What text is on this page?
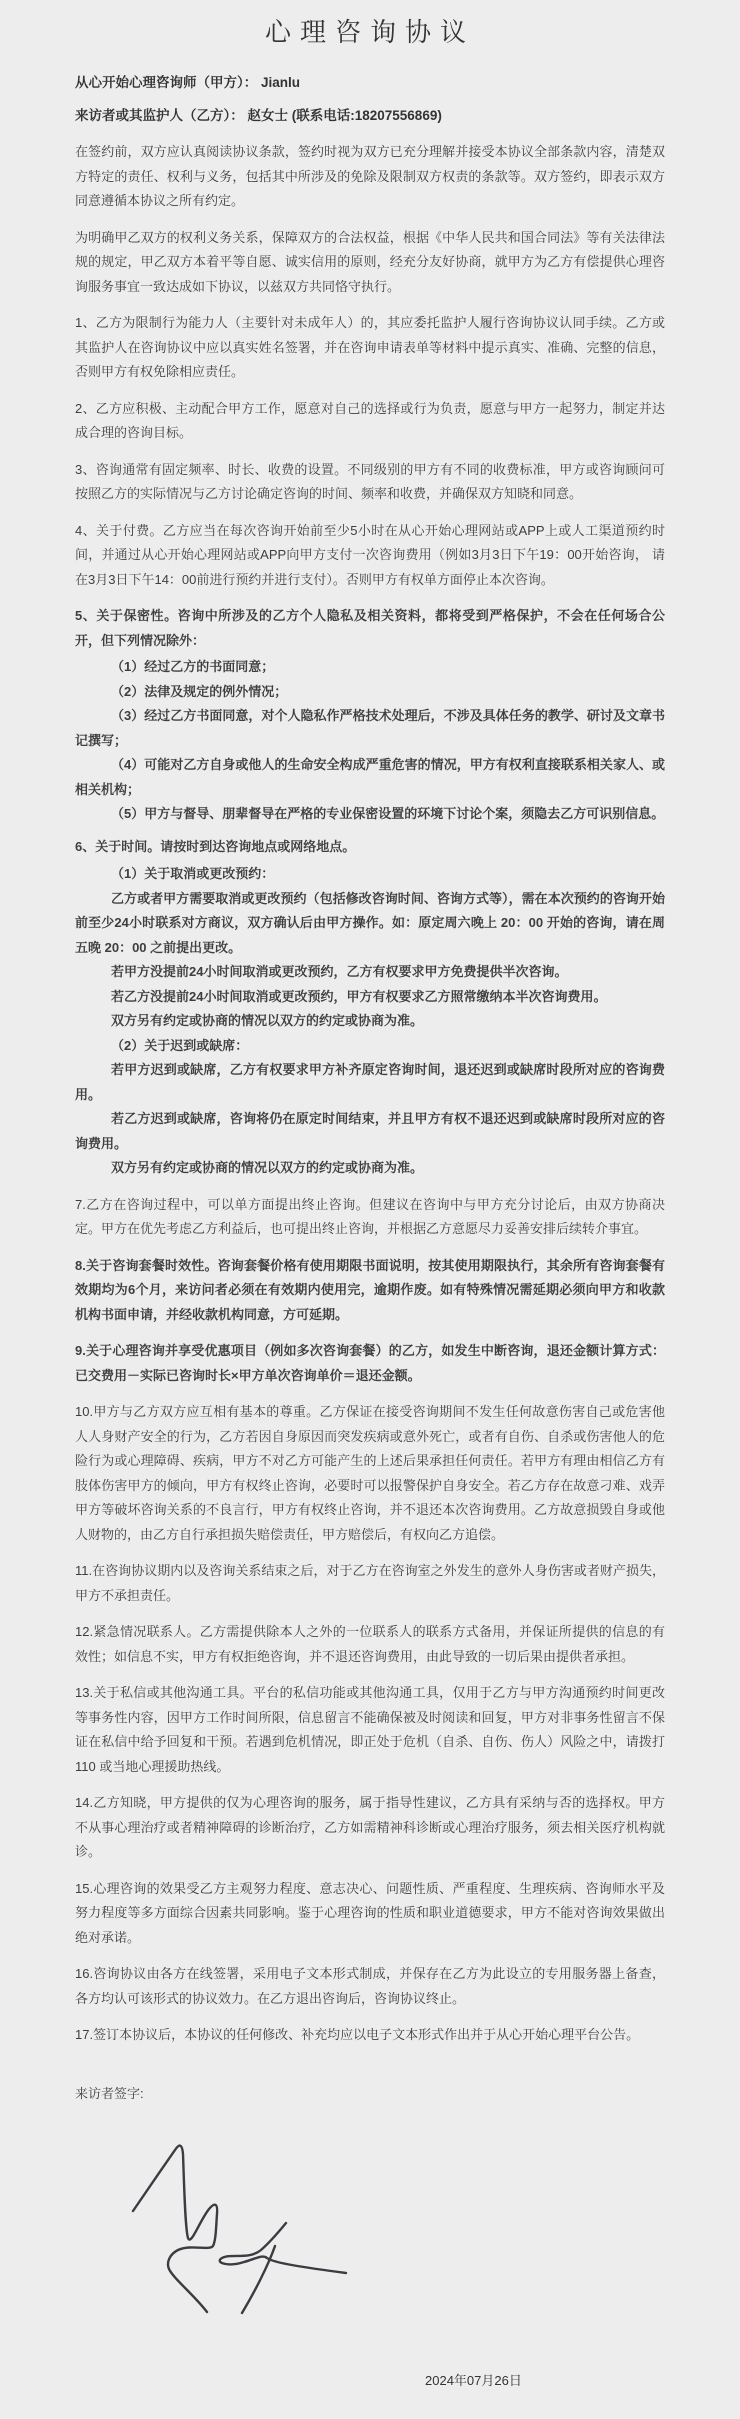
心理咨询协议

从心开始心理咨询师（甲方）： Jianlu

来访者或其监护人（乙方）： 赵女士 (联系电话:18207556869)

在签约前，双方应认真阅读协议条款，签约时视为双方已充分理解并接受本协议全部条款内容，清楚双方特定的责任、权利与义务，包括其中所涉及的免除及限制双方权责的条款等。双方签约，即表示双方同意遵循本协议之所有约定。

为明确甲乙双方的权利义务关系，保障双方的合法权益，根据《中华人民共和国合同法》等有关法律法规的规定，甲乙双方本着平等自愿、诚实信用的原则，经充分友好协商，就甲方为乙方有偿提供心理咨询服务事宜一致达成如下协议，以兹双方共同恪守执行。

1、乙方为限制行为能力人（主要针对未成年人）的，其应委托监护人履行咨询协议认同手续。乙方或其监护人在咨询协议中应以真实姓名签署，并在咨询申请表单等材料中提示真实、准确、完整的信息，否则甲方有权免除相应责任。

2、乙方应积极、主动配合甲方工作，愿意对自己的选择或行为负责，愿意与甲方一起努力，制定并达成合理的咨询目标。

3、咨询通常有固定频率、时长、收费的设置。不同级别的甲方有不同的收费标准，甲方或咨询顾问可按照乙方的实际情况与乙方讨论确定咨询的时间、频率和收费，并确保双方知晓和同意。

4、关于付费。乙方应当在每次咨询开始前至少5小时在从心开始心理网站或APP上或人工渠道预约时间，并通过从心开始心理网站或APP向甲方支付一次咨询费用（例如3月3日下午19：00开始咨询， 请在3月3日下午14：00前进行预约并进行支付）。否则甲方有权单方面停止本次咨询。

5、关于保密性。咨询中所涉及的乙方个人隐私及相关资料，都将受到严格保护，不会在任何场合公开，但下列情况除外：

（1）经过乙方的书面同意；

（2）法律及规定的例外情况；

（3）经过乙方书面同意，对个人隐私作严格技术处理后，不涉及具体任务的教学、研讨及文章书记撰写；

（4）可能对乙方自身或他人的生命安全构成严重危害的情况，甲方有权利直接联系相关家人、或相关机构；

（5）甲方与督导、朋辈督导在严格的专业保密设置的环境下讨论个案，须隐去乙方可识别信息。

6、关于时间。请按时到达咨询地点或网络地点。

（1）关于取消或更改预约：

乙方或者甲方需要取消或更改预约（包括修改咨询时间、咨询方式等），需在本次预约的咨询开始前至少24小时联系对方商议，双方确认后由甲方操作。如：原定周六晚上 20：00 开始的咨询，请在周五晚 20：00 之前提出更改。

若甲方没提前24小时间取消或更改预约，乙方有权要求甲方免费提供半次咨询。

若乙方没提前24小时间取消或更改预约，甲方有权要求乙方照常缴纳本半次咨询费用。

双方另有约定或协商的情况以双方的约定或协商为准。

（2）关于迟到或缺席：

若甲方迟到或缺席，乙方有权要求甲方补齐原定咨询时间，退还迟到或缺席时段所对应的咨询费用。

若乙方迟到或缺席，咨询将仍在原定时间结束，并且甲方有权不退还迟到或缺席时段所对应的咨询费用。

双方另有约定或协商的情况以双方的约定或协商为准。

7.乙方在咨询过程中，可以单方面提出终止咨询。但建议在咨询中与甲方充分讨论后，由双方协商决定。甲方在优先考虑乙方利益后，也可提出终止咨询，并根据乙方意愿尽力妥善安排后续转介事宜。

8.关于咨询套餐时效性。咨询套餐价格有使用期限书面说明，按其使用期限执行，其余所有咨询套餐有效期均为6个月，来访问者必须在有效期内使用完，逾期作废。如有特殊情况需延期必须向甲方和收款机构书面申请，并经收款机构同意，方可延期。

9.关于心理咨询并享受优惠项目（例如多次咨询套餐）的乙方，如发生中断咨询，退还金额计算方式：已交费用－实际已咨询时长×甲方单次咨询单价＝退还金额。

10.甲方与乙方双方应互相有基本的尊重。乙方保证在接受咨询期间不发生任何故意伤害自己或危害他人人身财产安全的行为，乙方若因自身原因而突发疾病或意外死亡，或者有自伤、自杀或伤害他人的危险行为或心理障碍、疾病，甲方不对乙方可能产生的上述后果承担任何责任。若甲方有理由相信乙方有肢体伤害甲方的倾向，甲方有权终止咨询，必要时可以报警保护自身安全。若乙方存在故意刁难、戏弄甲方等破坏咨询关系的不良言行，甲方有权终止咨询，并不退还本次咨询费用。乙方故意损毁自身或他人财物的，由乙方自行承担损失赔偿责任，甲方赔偿后，有权向乙方追偿。

11.在咨询协议期内以及咨询关系结束之后，对于乙方在咨询室之外发生的意外人身伤害或者财产损失，甲方不承担责任。

12.紧急情况联系人。乙方需提供除本人之外的一位联系人的联系方式备用，并保证所提供的信息的有效性；如信息不实，甲方有权拒绝咨询，并不退还咨询费用，由此导致的一切后果由提供者承担。

13.关于私信或其他沟通工具。平台的私信功能或其他沟通工具，仅用于乙方与甲方沟通预约时间更改等事务性内容，因甲方工作时间所限，信息留言不能确保被及时阅读和回复，甲方对非事务性留言不保证在私信中给予回复和干预。若遇到危机情况，即正处于危机（自杀、自伤、伤人）风险之中，请拨打 110 或当地心理援助热线。

14.乙方知晓，甲方提供的仅为心理咨询的服务，属于指导性建议，乙方具有采纳与否的选择权。甲方不从事心理治疗或者精神障碍的诊断治疗，乙方如需精神科诊断或心理治疗服务，须去相关医疗机构就诊。

15.心理咨询的效果受乙方主观努力程度、意志决心、问题性质、严重程度、生理疾病、咨询师水平及努力程度等多方面综合因素共同影响。鉴于心理咨询的性质和职业道德要求，甲方不能对咨询效果做出绝对承诺。

16.咨询协议由各方在线签署，采用电子文本形式制成，并保存在乙方为此设立的专用服务器上备查，各方均认可该形式的协议效力。在乙方退出咨询后，咨询协议终止。

17.签订本协议后，本协议的任何修改、补充均应以电子文本形式作出并于从心开始心理平台公告。

来访者签字:

2024年07月26日
